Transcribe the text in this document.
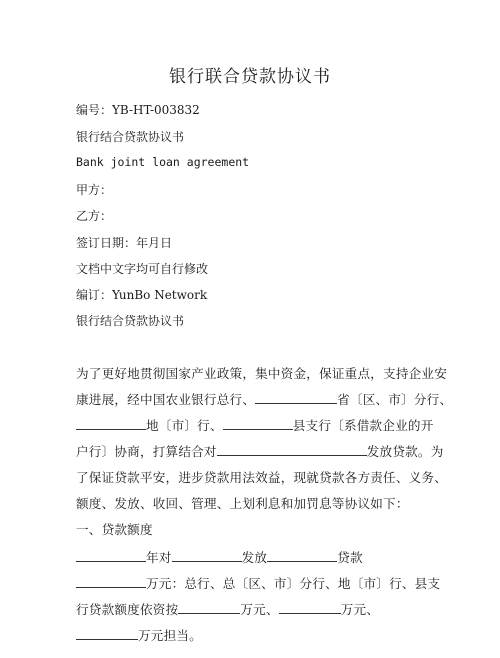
银行联合贷款协议书
编号：YB-HT-003832
银行结合贷款协议书
Bank joint loan agreement
甲方：
乙方：
签订日期：年月日
文档中文字均可自行修改
编订：YunBo Network
银行结合贷款协议书
为了更好地贯彻国家产业政策，集中资金，保证重点，支持企业安
康进展，经中国农业银行总行、	省〔区、市〕分行、
地〔市〕行、	县支行〔系借款企业的开
户行〕协商，打算结合对	发放贷款。为
了保证贷款平安，进步贷款用法效益，现就贷款各方责任、义务、
额度、发放、收回、管理、上划利息和加罚息等协议如下：
一、贷款额度
年对	发放	贷款
万元：总行、总〔区、市〕分行、地〔市〕行、县支
行贷款额度依资按	万元、	万元、
万元担当。
